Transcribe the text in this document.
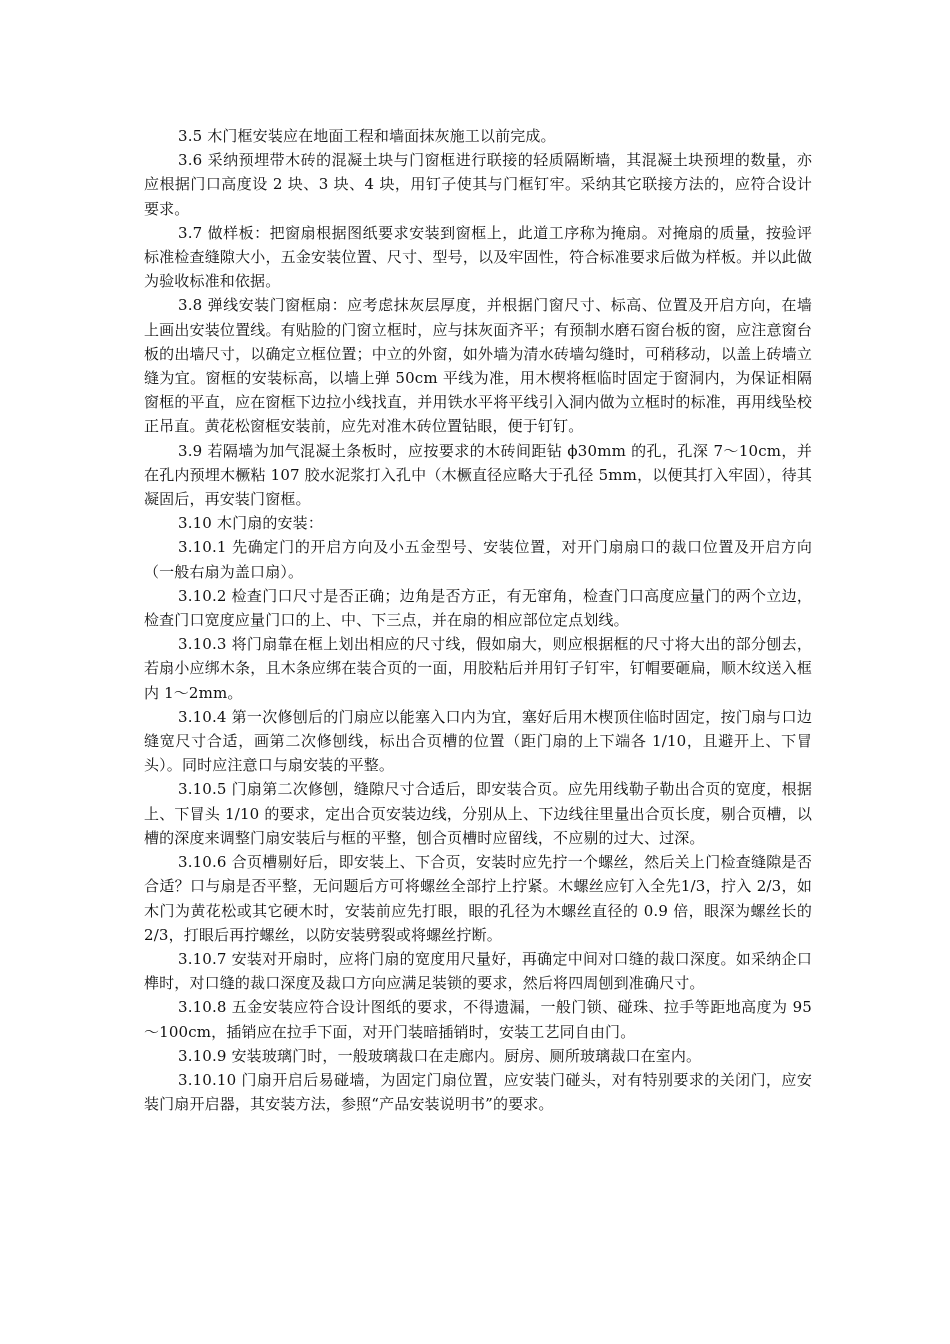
3.5 木门框安装应在地面工程和墙面抹灰施工以前完成。

3.6 采纳预埋带木砖的混凝土块与门窗框进行联接的轻质隔断墙，其混凝土块预埋的数量，亦应根据门口高度设 2 块、3 块、4 块，用钉子使其与门框钉牢。采纳其它联接方法的，应符合设计要求。

3.7 做样板：把窗扇根据图纸要求安装到窗框上，此道工序称为掩扇。对掩扇的质量，按验评标准检查缝隙大小，五金安装位置、尺寸、型号，以及牢固性，符合标准要求后做为样板。并以此做为验收标准和依据。

3.8 弹线安装门窗框扇：应考虑抹灰层厚度，并根据门窗尺寸、标高、位置及开启方向，在墙上画出安装位置线。有贴脸的门窗立框时，应与抹灰面齐平；有预制水磨石窗台板的窗，应注意窗台板的出墙尺寸，以确定立框位置；中立的外窗，如外墙为清水砖墙勾缝时，可稍移动，以盖上砖墙立缝为宜。窗框的安装标高，以墙上弹 50cm 平线为准，用木楔将框临时固定于窗洞内，为保证相隔窗框的平直，应在窗框下边拉小线找直，并用铁水平将平线引入洞内做为立框时的标准，再用线坠校正吊直。黄花松窗框安装前，应先对准木砖位置钻眼，便于钉钉。

3.9 若隔墙为加气混凝土条板时，应按要求的木砖间距钻 ϕ30mm 的孔，孔深 7～10cm，并在孔内预埋木橛粘 107 胶水泥浆打入孔中（木橛直径应略大于孔径 5mm，以便其打入牢固），待其凝固后，再安装门窗框。

3.10 木门扇的安装：

3.10.1 先确定门的开启方向及小五金型号、安装位置，对开门扇扇口的裁口位置及开启方向（一般右扇为盖口扇）。

3.10.2 检查门口尺寸是否正确；边角是否方正，有无窜角，检查门口高度应量门的两个立边，检查门口宽度应量门口的上、中、下三点，并在扇的相应部位定点划线。

3.10.3 将门扇靠在框上划出相应的尺寸线，假如扇大，则应根据框的尺寸将大出的部分刨去，若扇小应绑木条，且木条应绑在装合页的一面，用胶粘后并用钉子钉牢，钉帽要砸扁，顺木纹送入框内 1～2mm。

3.10.4 第一次修刨后的门扇应以能塞入口内为宜，塞好后用木楔顶住临时固定，按门扇与口边缝宽尺寸合适，画第二次修刨线，标出合页槽的位置（距门扇的上下端各 1/10，且避开上、下冒头）。同时应注意口与扇安装的平整。

3.10.5 门扇第二次修刨，缝隙尺寸合适后，即安装合页。应先用线勒子勒出合页的宽度，根据上、下冒头 1/10 的要求，定出合页安装边线，分别从上、下边线往里量出合页长度，剔合页槽，以槽的深度来调整门扇安装后与框的平整，刨合页槽时应留线，不应剔的过大、过深。

3.10.6 合页槽剔好后，即安装上、下合页，安装时应先拧一个螺丝，然后关上门检查缝隙是否合适？口与扇是否平整，无问题后方可将螺丝全部拧上拧紧。木螺丝应钉入全先1/3，拧入 2/3，如木门为黄花松或其它硬木时，安装前应先打眼，眼的孔径为木螺丝直径的 0.9 倍，眼深为螺丝长的 2/3，打眼后再拧螺丝，以防安装劈裂或将螺丝拧断。

3.10.7 安装对开扇时，应将门扇的宽度用尺量好，再确定中间对口缝的裁口深度。如采纳企口榫时，对口缝的裁口深度及裁口方向应满足装锁的要求，然后将四周刨到准确尺寸。

3.10.8 五金安装应符合设计图纸的要求，不得遗漏，一般门锁、碰珠、拉手等距地高度为 95～100cm，插销应在拉手下面，对开门装暗插销时，安装工艺同自由门。

3.10.9 安装玻璃门时，一般玻璃裁口在走廊内。厨房、厕所玻璃裁口在室内。

3.10.10 门扇开启后易碰墙，为固定门扇位置，应安装门碰头，对有特别要求的关闭门，应安装门扇开启器，其安装方法，参照“产品安装说明书”的要求。
